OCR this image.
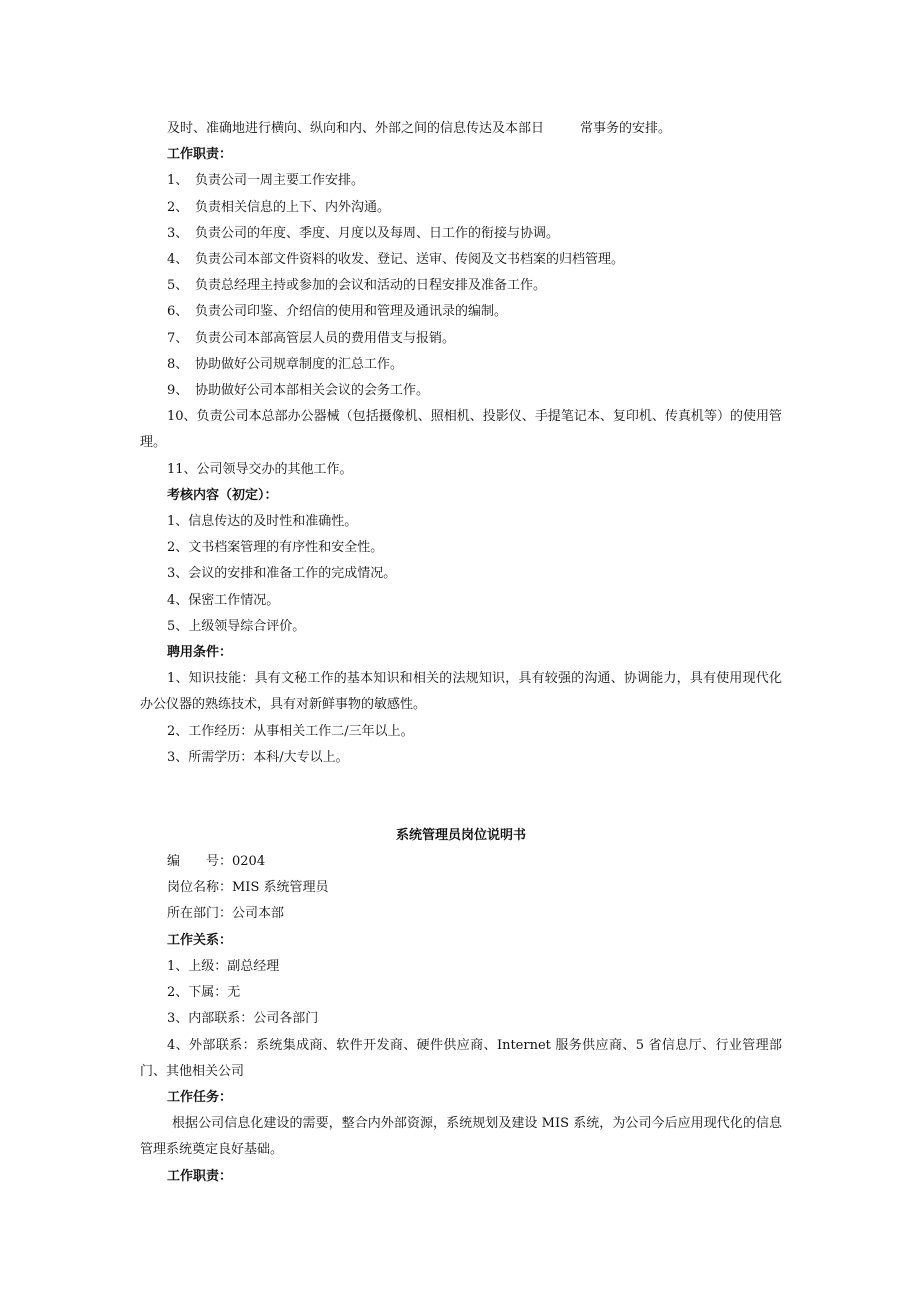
及时、准确地进行横向、纵向和内、外部之间的信息传达及本部日	常事务的安排。
工作职责：
1、 负责公司一周主要工作安排。
2、 负责相关信息的上下、内外沟通。
3、 负责公司的年度、季度、月度以及每周、日工作的衔接与协调。
4、 负责公司本部文件资料的收发、登记、送审、传阅及文书档案的归档管理。
5、 负责总经理主持或参加的会议和活动的日程安排及准备工作。
6、 负责公司印鉴、介绍信的使用和管理及通讯录的编制。
7、 负责公司本部高管层人员的费用借支与报销。
8、 协助做好公司规章制度的汇总工作。
9、 协助做好公司本部相关会议的会务工作。
10、负责公司本总部办公器械（包括摄像机、照相机、投影仪、手提笔记本、复印机、传真机等）的使用管理。
11、公司领导交办的其他工作。
考核内容（初定）：
1、信息传达的及时性和准确性。
2、文书档案管理的有序性和安全性。
3、会议的安排和准备工作的完成情况。
4、保密工作情况。
5、上级领导综合评价。
聘用条件：
1、知识技能：具有文秘工作的基本知识和相关的法规知识，具有较强的沟通、协调能力，具有使用现代化办公仪器的熟练技术，具有对新鲜事物的敏感性。
2、工作经历：从事相关工作二/三年以上。
3、所需学历：本科/大专以上。
系统管理员岗位说明书
编 号：0204
岗位名称：MIS 系统管理员
所在部门：公司本部
工作关系：
1、上级：副总经理
2、下属：无
3、内部联系：公司各部门
4、外部联系：系统集成商、软件开发商、硬件供应商、Internet 服务供应商、5 省信息厅、行业管理部门、其他相关公司
工作任务：
根据公司信息化建设的需要，整合内外部资源，系统规划及建设 MIS 系统，为公司今后应用现代化的信息管理系统奠定良好基础。
工作职责：
